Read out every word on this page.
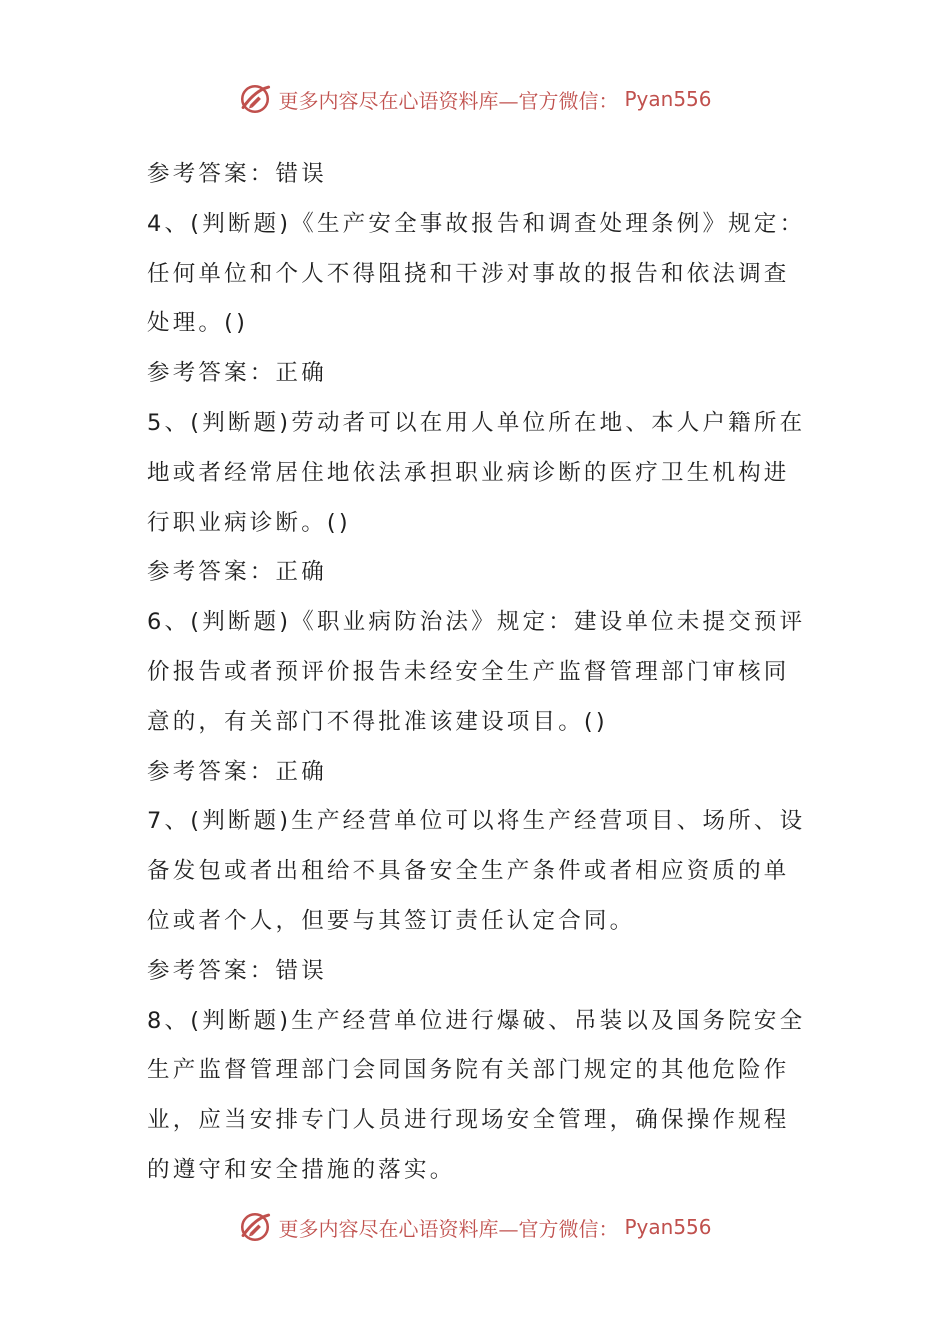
更多内容尽在心语资料库—官方微信： Pyan556
参考答案：错误
4、(判断题)《生产安全事故报告和调查处理条例》规定：
任何单位和个人不得阻挠和干涉对事故的报告和依法调查
处理。()
参考答案：正确
5、(判断题)劳动者可以在用人单位所在地、本人户籍所在
地或者经常居住地依法承担职业病诊断的医疗卫生机构进
行职业病诊断。()
参考答案：正确
6、(判断题)《职业病防治法》规定：建设单位未提交预评
价报告或者预评价报告未经安全生产监督管理部门审核同
意的，有关部门不得批准该建设项目。()
参考答案：正确
7、(判断题)生产经营单位可以将生产经营项目、场所、设
备发包或者出租给不具备安全生产条件或者相应资质的单
位或者个人，但要与其签订责任认定合同。
参考答案：错误
8、(判断题)生产经营单位进行爆破、吊装以及国务院安全
生产监督管理部门会同国务院有关部门规定的其他危险作
业，应当安排专门人员进行现场安全管理，确保操作规程
的遵守和安全措施的落实。
更多内容尽在心语资料库—官方微信： Pyan556
